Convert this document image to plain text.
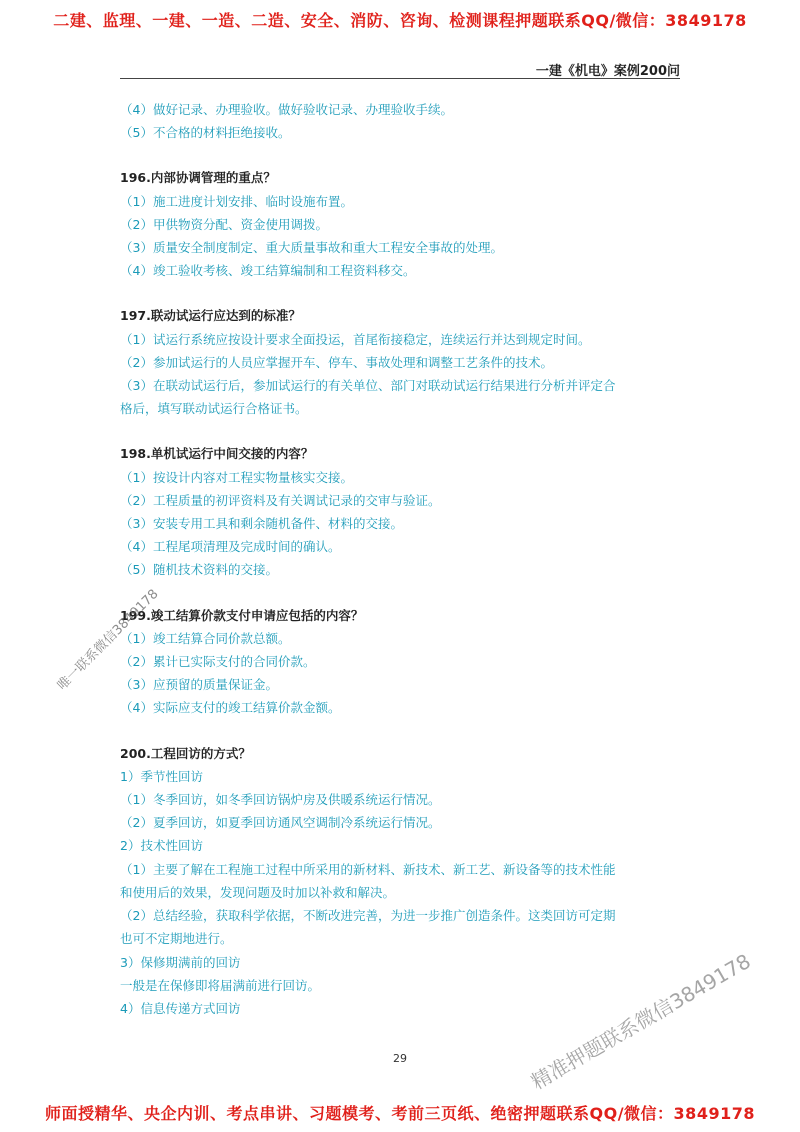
二建、监理、一建、一造、二造、安全、消防、咨询、检测课程押题联系QQ/微信：3849178
一建《机电》案例200问
（4）做好记录、办理验收。做好验收记录、办理验收手续。
（5）不合格的材料拒绝接收。
196.内部协调管理的重点？
（1）施工进度计划安排、临时设施布置。
（2）甲供物资分配、资金使用调拨。
（3）质量安全制度制定、重大质量事故和重大工程安全事故的处理。
（4）竣工验收考核、竣工结算编制和工程资料移交。
197.联动试运行应达到的标准？
（1）试运行系统应按设计要求全面投运，首尾衔接稳定，连续运行并达到规定时间。
（2）参加试运行的人员应掌握开车、停车、事故处理和调整工艺条件的技术。
（3）在联动试运行后，参加试运行的有关单位、部门对联动试运行结果进行分析并评定合
格后，填写联动试运行合格证书。
198.单机试运行中间交接的内容？
（1）按设计内容对工程实物量核实交接。
（2）工程质量的初评资料及有关调试记录的交审与验证。
（3）安装专用工具和剩余随机备件、材料的交接。
（4）工程尾项清理及完成时间的确认。
（5）随机技术资料的交接。
199.竣工结算价款支付申请应包括的内容？
（1）竣工结算合同价款总额。
（2）累计已实际支付的合同价款。
（3）应预留的质量保证金。
（4）实际应支付的竣工结算价款金额。
200.工程回访的方式？
1）季节性回访
（1）冬季回访，如冬季回访锅炉房及供暖系统运行情况。
（2）夏季回访，如夏季回访通风空调制冷系统运行情况。
2）技术性回访
（1）主要了解在工程施工过程中所采用的新材料、新技术、新工艺、新设备等的技术性能
和使用后的效果，发现问题及时加以补救和解决。
（2）总结经验，获取科学依据，不断改进完善，为进一步推广创造条件。这类回访可定期
也可不定期地进行。
3）保修期满前的回访
一般是在保修即将届满前进行回访。
4）信息传递方式回访
29
唯一联系微信3849178
精准押题联系微信3849178
师面授精华、央企内训、考点串讲、习题模考、考前三页纸、绝密押题联系QQ/微信：3849178
